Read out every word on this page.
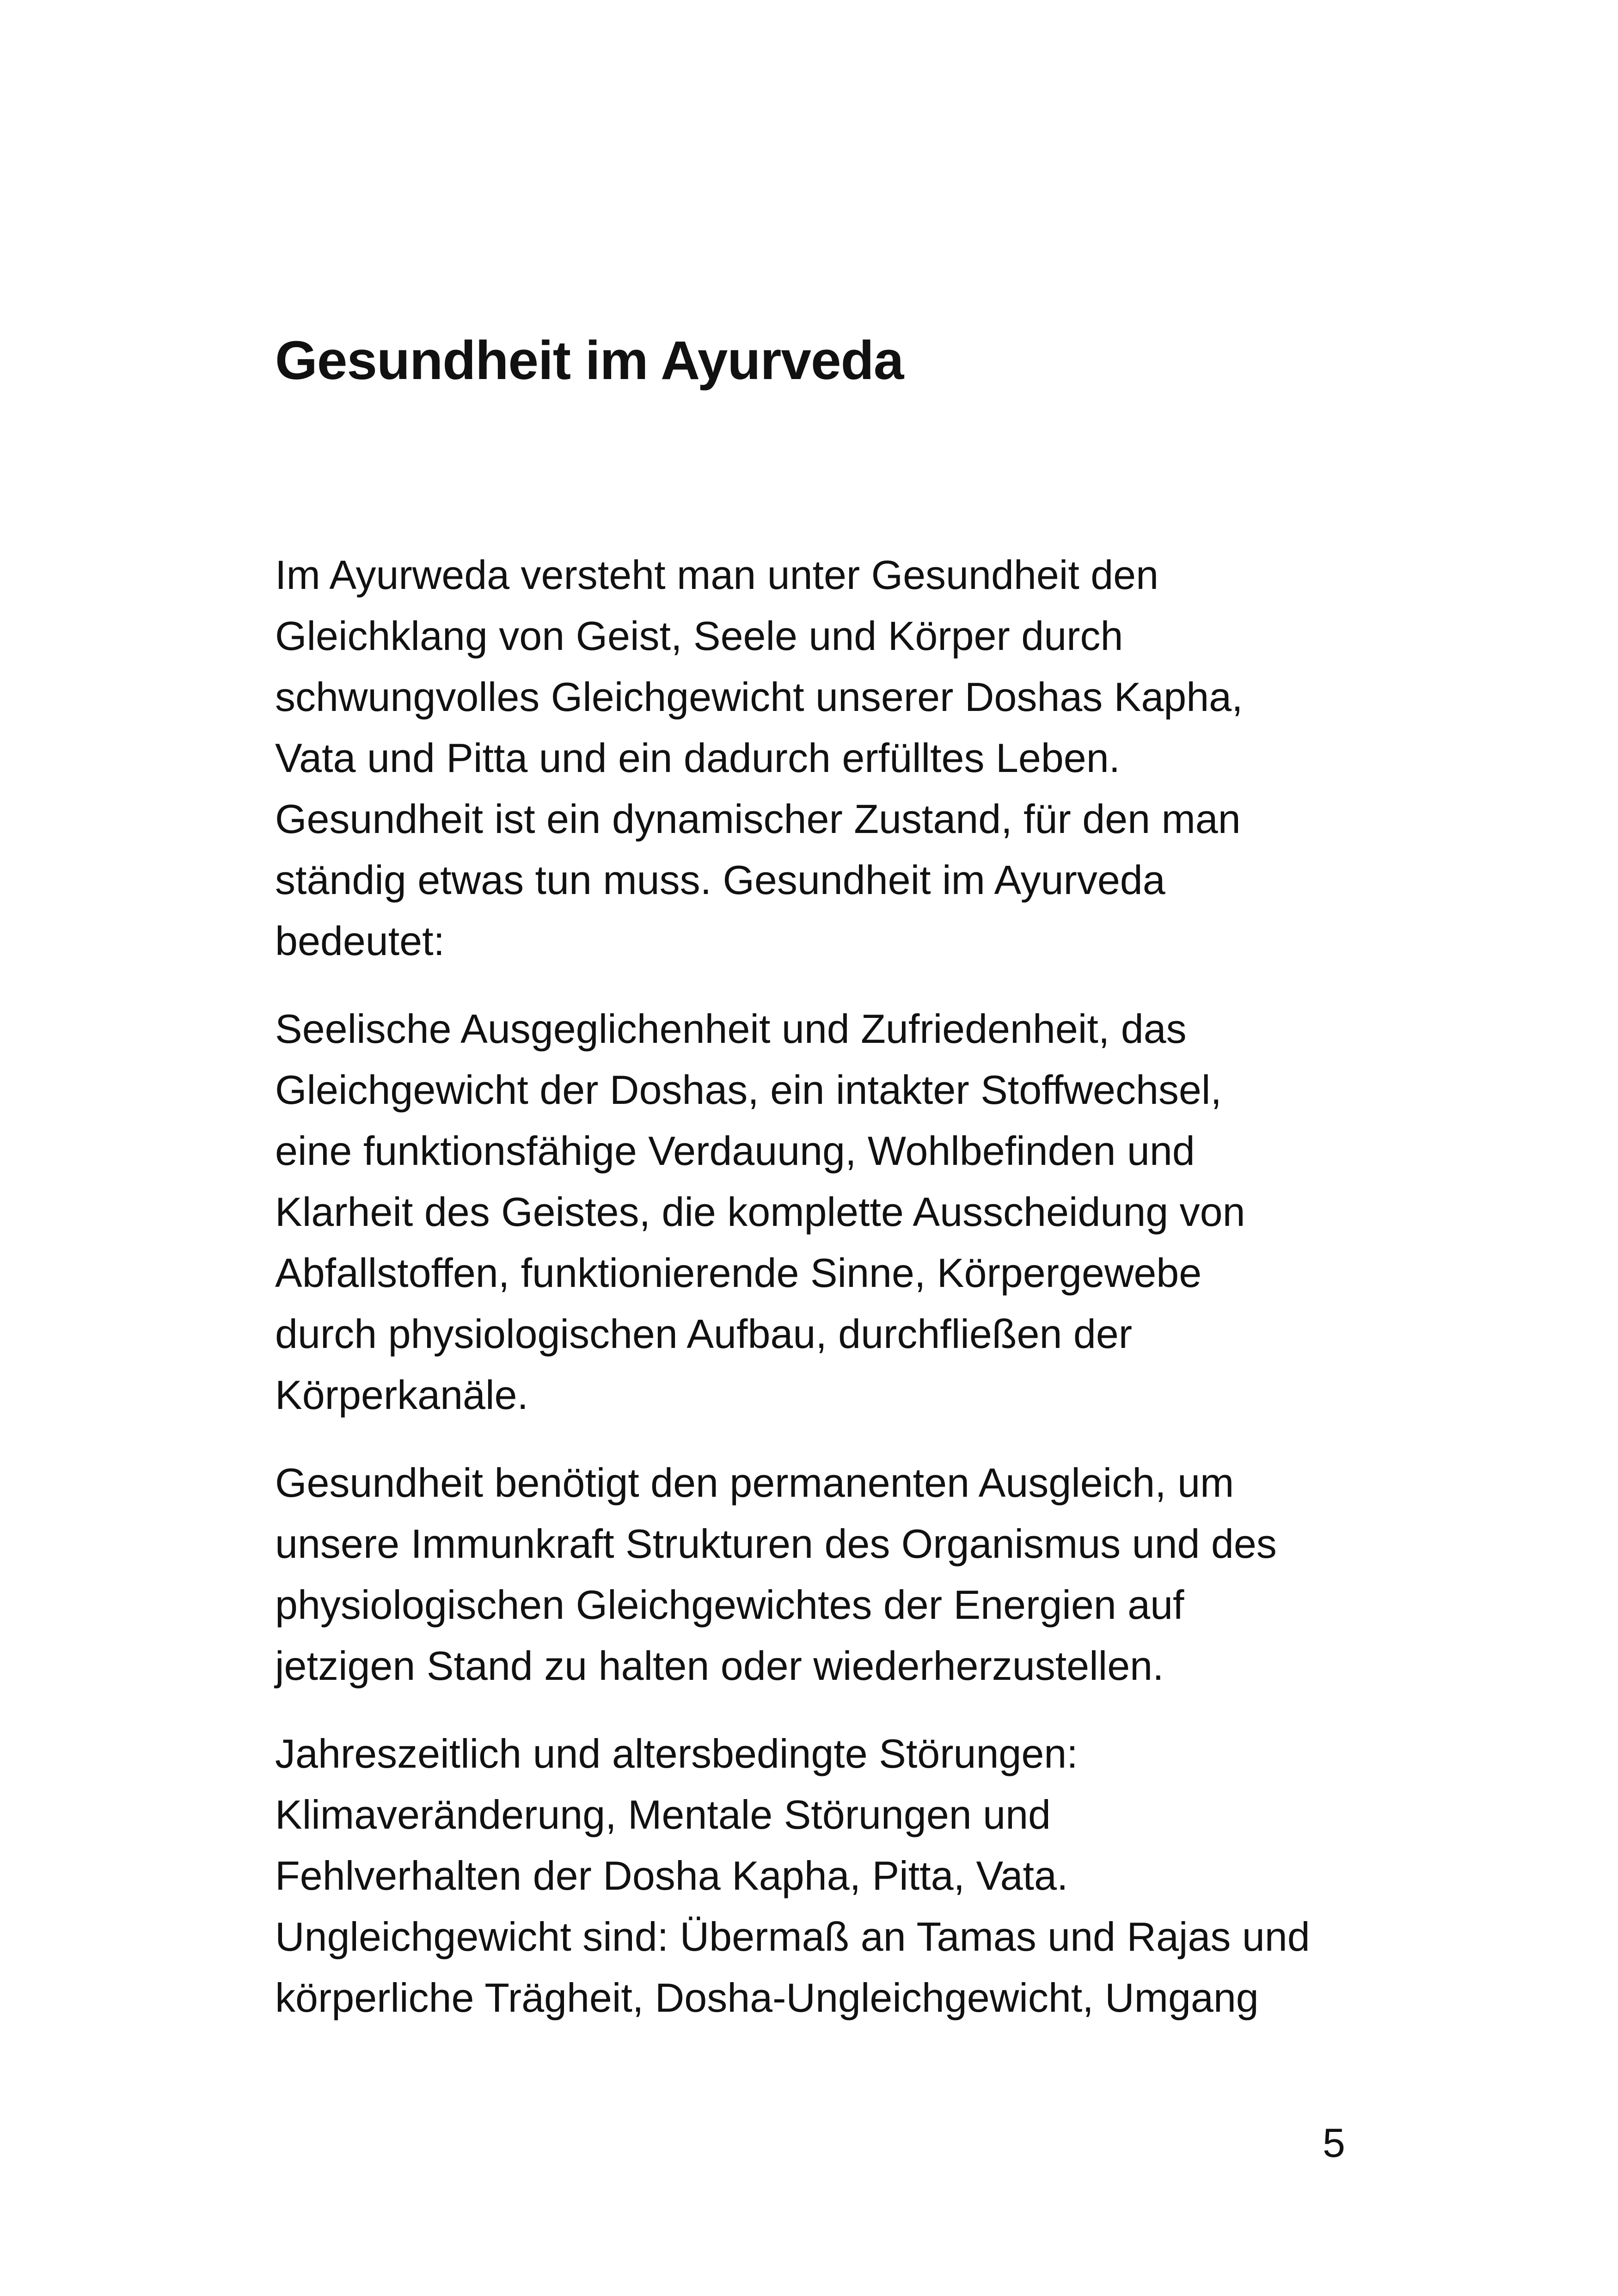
Gesundheit im Ayurveda

Im Ayurweda versteht man unter Gesundheit den
Gleichklang von Geist, Seele und Körper durch
schwungvolles Gleichgewicht unserer Doshas Kapha,
Vata und Pitta und ein dadurch erfülltes Leben.
Gesundheit ist ein dynamischer Zustand, für den man
ständig etwas tun muss. Gesundheit im Ayurveda
bedeutet:

Seelische Ausgeglichenheit und Zufriedenheit, das
Gleichgewicht der Doshas, ein intakter Stoffwechsel,
eine funktionsfähige Verdauung, Wohlbefinden und
Klarheit des Geistes, die komplette Ausscheidung von
Abfallstoffen, funktionierende Sinne, Körpergewebe
durch physiologischen Aufbau, durchfließen der
Körperkanäle.

Gesundheit benötigt den permanenten Ausgleich, um
unsere Immunkraft Strukturen des Organismus und des
physiologischen Gleichgewichtes der Energien auf
jetzigen Stand zu halten oder wiederherzustellen.

Jahreszeitlich und altersbedingte Störungen:
Klimaveränderung, Mentale Störungen und
Fehlverhalten der Dosha Kapha, Pitta, Vata.
Ungleichgewicht sind: Übermaß an Tamas und Rajas und
körperliche Trägheit, Dosha-Ungleichgewicht, Umgang

5
